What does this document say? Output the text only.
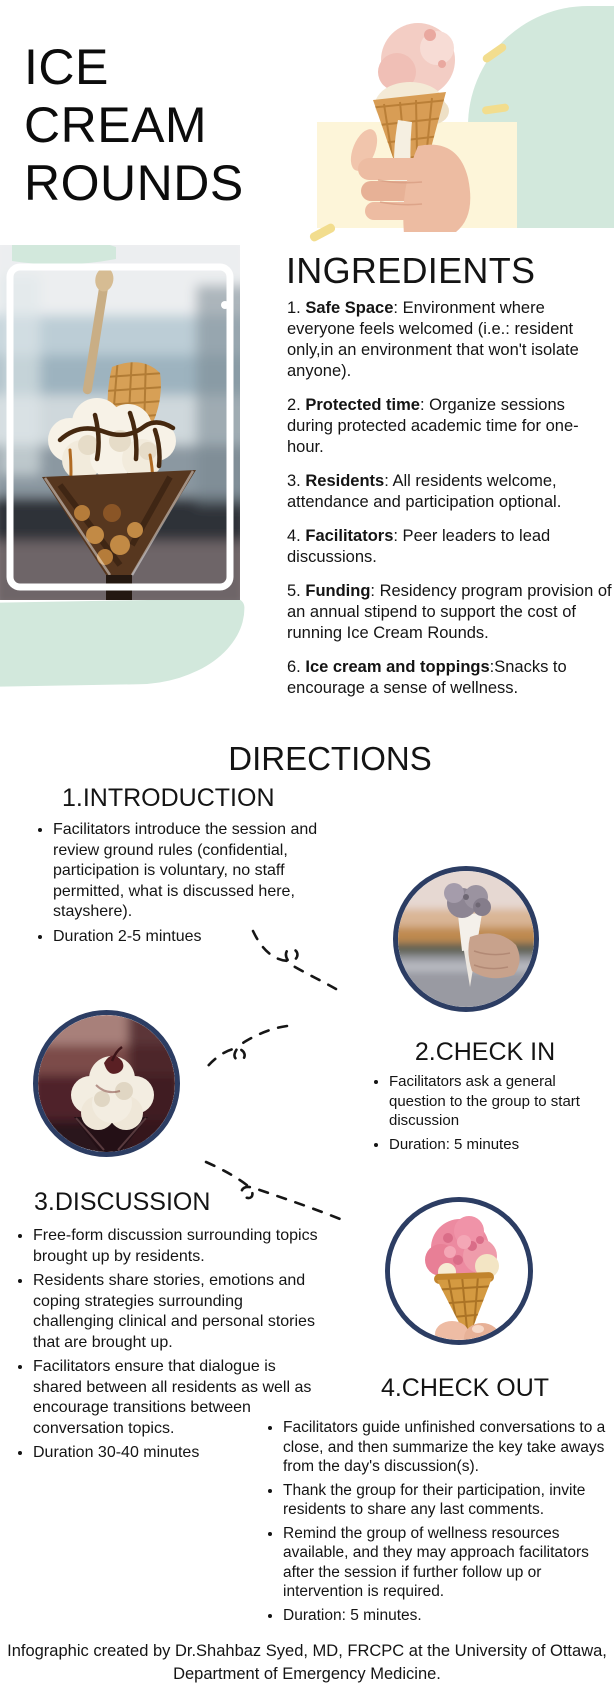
ICE
CREAM
ROUNDS
INGREDIENTS

1. Safe Space: Environment where everyone feels welcomed (i.e.: resident only,in an environment that won't isolate anyone).

2. Protected time: Organize sessions during protected academic time for one-hour.

3. Residents: All residents welcome, attendance and participation optional.

4. Facilitators: Peer leaders to lead discussions.

5. Funding: Residency program provision of an annual stipend to support the cost of running Ice Cream Rounds.

6. Ice cream and toppings:Snacks to encourage a sense of wellness.

DIRECTIONS
1.INTRODUCTION
• Facilitators introduce the session and review ground rules (confidential, participation is voluntary, no staff permitted, what is discussed here, stayshere).
• Duration 2-5 mintues
2.CHECK IN
• Facilitators ask a general question to the group to start discussion
• Duration: 5 minutes
3.DISCUSSION
• Free-form discussion surrounding topics brought up by residents.
• Residents share stories, emotions and coping strategies surrounding challenging clinical and personal stories that are brought up.
• Facilitators ensure that dialogue is shared between all residents as well as encourage transitions between conversation topics.
• Duration 30-40 minutes
4.CHECK OUT
• Facilitators guide unfinished conversations to a close, and then summarize the key take aways from the day's discussion(s).
• Thank the group for their participation, invite residents to share any last comments.
• Remind the group of wellness resources available, and they may approach facilitators after the session if further follow up or intervention is required.
• Duration: 5 minutes.
Infographic created by Dr.Shahbaz Syed, MD, FRCPC at the University of Ottawa,
Department of Emergency Medicine.
